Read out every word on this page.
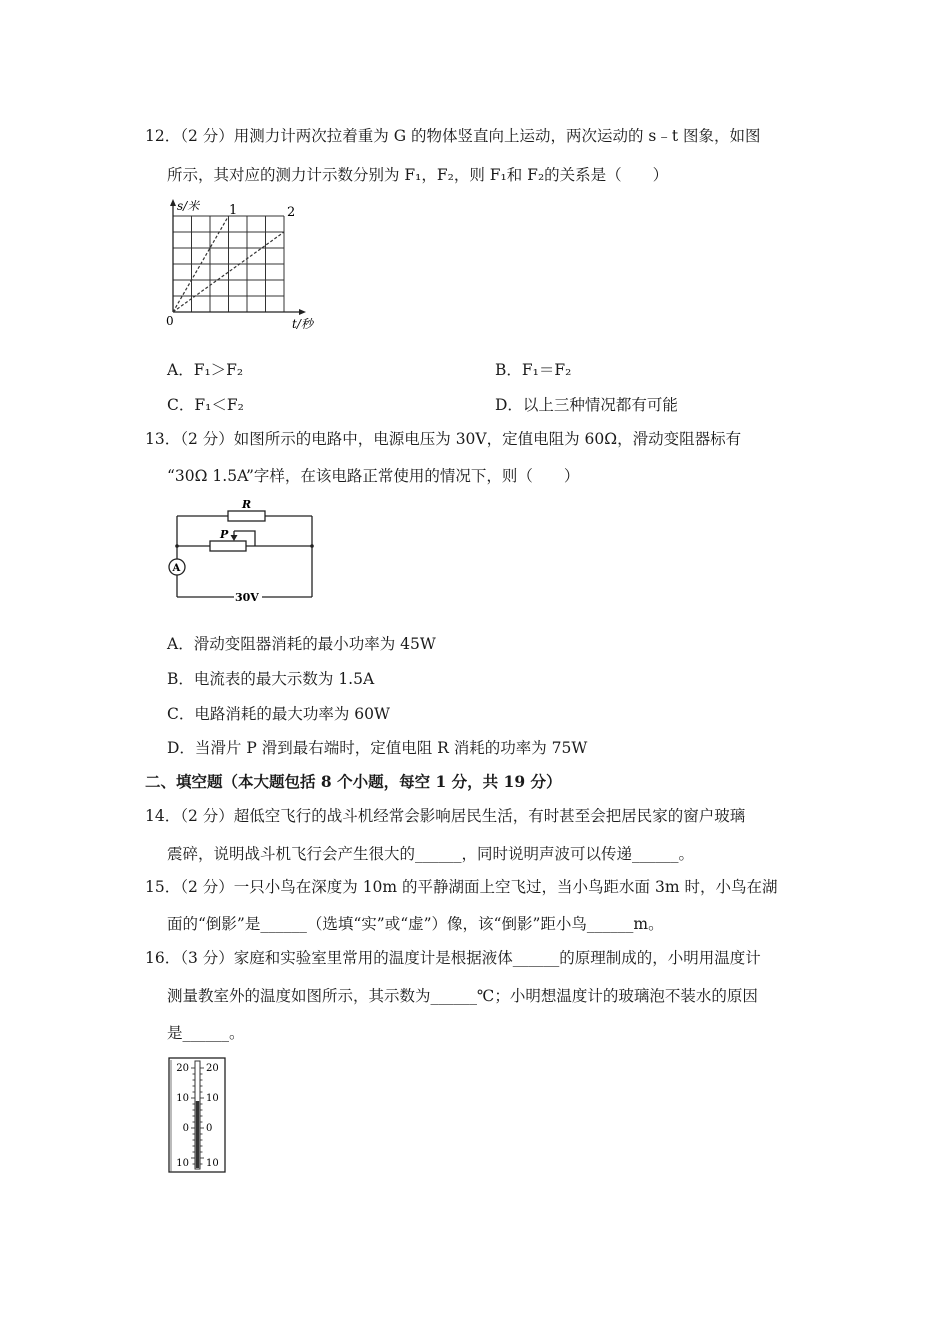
12．（2 分）用测力计两次拉着重为 G 的物体竖直向上运动，两次运动的 s﹣t 图象，如图
所示，其对应的测力计示数分别为 F₁，F₂，则 F₁和 F₂的关系是（　　）
s/米
0
1	2
t/秒
A．F₁＞F₂	B．F₁＝F₂
C．F₁＜F₂	D．以上三种情况都有可能
13．（2 分）如图所示的电路中，电源电压为 30V，定值电阻为 60Ω，滑动变阻器标有
“30Ω 1.5A”字样，在该电路正常使用的情况下，则（　　）
R
P
A
30V
A．滑动变阻器消耗的最小功率为 45W
B．电流表的最大示数为 1.5A
C．电路消耗的最大功率为 60W
D．当滑片 P 滑到最右端时，定值电阻 R 消耗的功率为 75W
二、填空题（本大题包括 8 个小题，每空 1 分，共 19 分）
14．（2 分）超低空飞行的战斗机经常会影响居民生活，有时甚至会把居民家的窗户玻璃
震碎，说明战斗机飞行会产生很大的______，同时说明声波可以传递______。
15．（2 分）一只小鸟在深度为 10m 的平静湖面上空飞过，当小鸟距水面 3m 时，小鸟在湖
面的“倒影”是______（选填“实”或“虚”）像，该“倒影”距小鸟______m。
16．（3 分）家庭和实验室里常用的温度计是根据液体______的原理制成的，小明用温度计
测量教室外的温度如图所示，其示数为______℃；小明想温度计的玻璃泡不装水的原因
是______。
20
10
0
10
20
10
0
10
